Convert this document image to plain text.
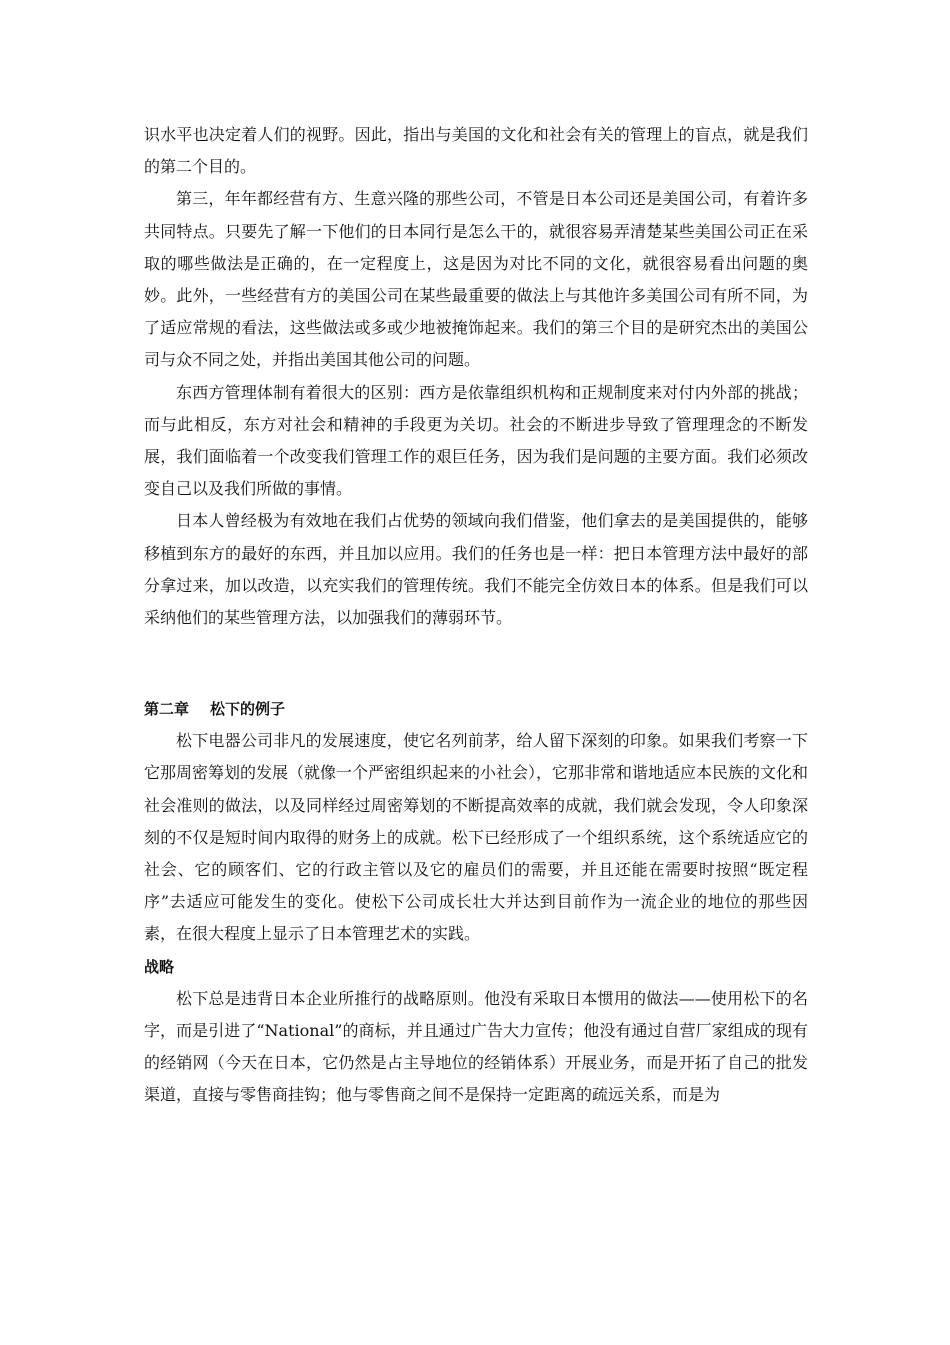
识水平也决定着人们的视野。因此，指出与美国的文化和社会有关的管理上的盲点，就是我们的第二个目的。

第三，年年都经营有方、生意兴隆的那些公司，不管是日本公司还是美国公司，有着许多共同特点。只要先了解一下他们的日本同行是怎么干的，就很容易弄清楚某些美国公司正在采取的哪些做法是正确的，在一定程度上，这是因为对比不同的文化，就很容易看出问题的奥妙。此外，一些经营有方的美国公司在某些最重要的做法上与其他许多美国公司有所不同，为了适应常规的看法，这些做法或多或少地被掩饰起来。我们的第三个目的是研究杰出的美国公司与众不同之处，并指出美国其他公司的问题。

东西方管理体制有着很大的区别：西方是依靠组织机构和正规制度来对付内外部的挑战；而与此相反，东方对社会和精神的手段更为关切。社会的不断进步导致了管理理念的不断发展，我们面临着一个改变我们管理工作的艰巨任务，因为我们是问题的主要方面。我们必须改变自己以及我们所做的事情。

日本人曾经极为有效地在我们占优势的领域向我们借鉴，他们拿去的是美国提供的，能够移植到东方的最好的东西，并且加以应用。我们的任务也是一样：把日本管理方法中最好的部分拿过来，加以改造，以充实我们的管理传统。我们不能完全仿效日本的体系。但是我们可以采纳他们的某些管理方法，以加强我们的薄弱环节。

第二章 松下的例子

松下电器公司非凡的发展速度，使它名列前茅，给人留下深刻的印象。如果我们考察一下它那周密筹划的发展（就像一个严密组织起来的小社会），它那非常和谐地适应本民族的文化和社会准则的做法，以及同样经过周密筹划的不断提高效率的成就，我们就会发现，令人印象深刻的不仅是短时间内取得的财务上的成就。松下已经形成了一个组织系统，这个系统适应它的社会、它的顾客们、它的行政主管以及它的雇员们的需要，并且还能在需要时按照“既定程序”去适应可能发生的变化。使松下公司成长壮大并达到目前作为一流企业的地位的那些因素，在很大程度上显示了日本管理艺术的实践。

战略

松下总是违背日本企业所推行的战略原则。他没有采取日本惯用的做法——使用松下的名字，而是引进了“National”的商标，并且通过广告大力宣传；他没有通过自营厂家组成的现有的经销网（今天在日本，它仍然是占主导地位的经销体系）开展业务，而是开拓了自己的批发渠道，直接与零售商挂钩；他与零售商之间不是保持一定距离的疏远关系，而是为
